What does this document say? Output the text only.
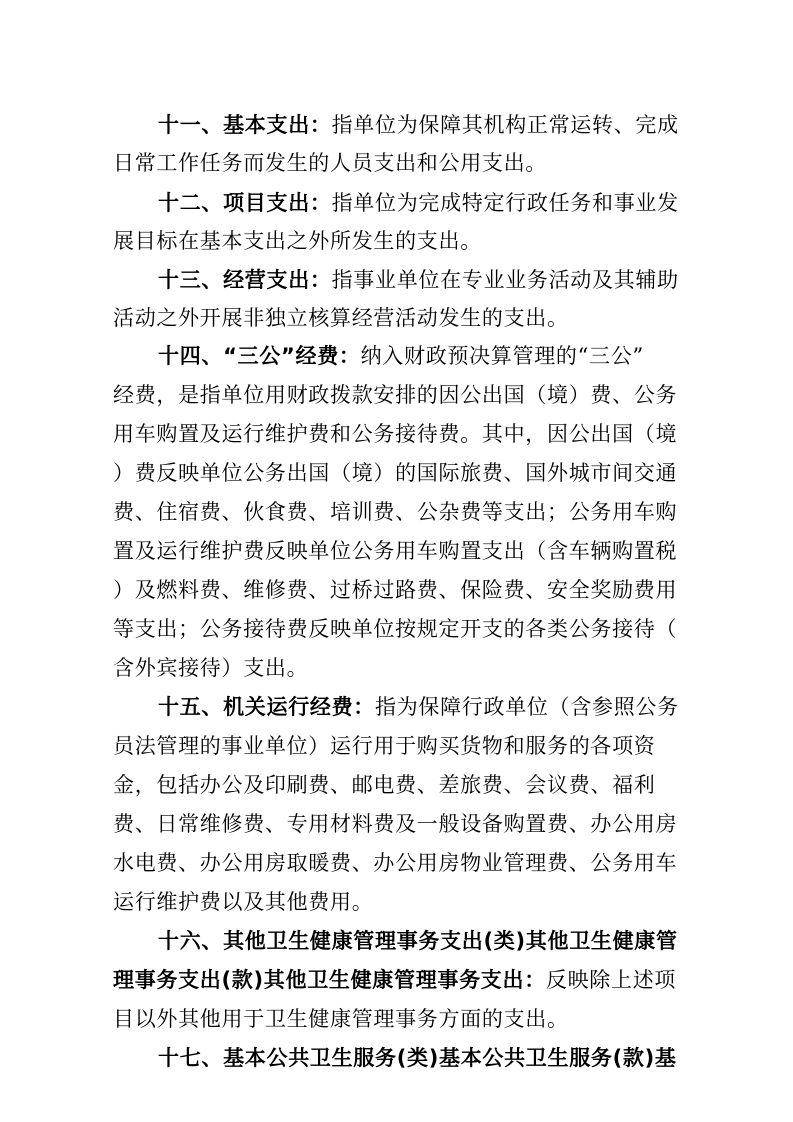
十一、基本支出：指单位为保障其机构正常运转、完成
日常工作任务而发生的人员支出和公用支出。
十二、项目支出：指单位为完成特定行政任务和事业发
展目标在基本支出之外所发生的支出。
十三、经营支出：指事业单位在专业业务活动及其辅助
活动之外开展非独立核算经营活动发生的支出。
十四、“三公”经费：纳入财政预决算管理的“三公”
经费，是指单位用财政拨款安排的因公出国（境）费、公务
用车购置及运行维护费和公务接待费。其中，因公出国（境
）费反映单位公务出国（境）的国际旅费、国外城市间交通
费、住宿费、伙食费、培训费、公杂费等支出；公务用车购
置及运行维护费反映单位公务用车购置支出（含车辆购置税
）及燃料费、维修费、过桥过路费、保险费、安全奖励费用
等支出；公务接待费反映单位按规定开支的各类公务接待（
含外宾接待）支出。
十五、机关运行经费：指为保障行政单位（含参照公务
员法管理的事业单位）运行用于购买货物和服务的各项资
金，包括办公及印刷费、邮电费、差旅费、会议费、福利
费、日常维修费、专用材料费及一般设备购置费、办公用房
水电费、办公用房取暖费、办公用房物业管理费、公务用车
运行维护费以及其他费用。
十六、其他卫生健康管理事务支出(类)其他卫生健康管
理事务支出(款)其他卫生健康管理事务支出：反映除上述项
目以外其他用于卫生健康管理事务方面的支出。
十七、基本公共卫生服务(类)基本公共卫生服务(款)基
